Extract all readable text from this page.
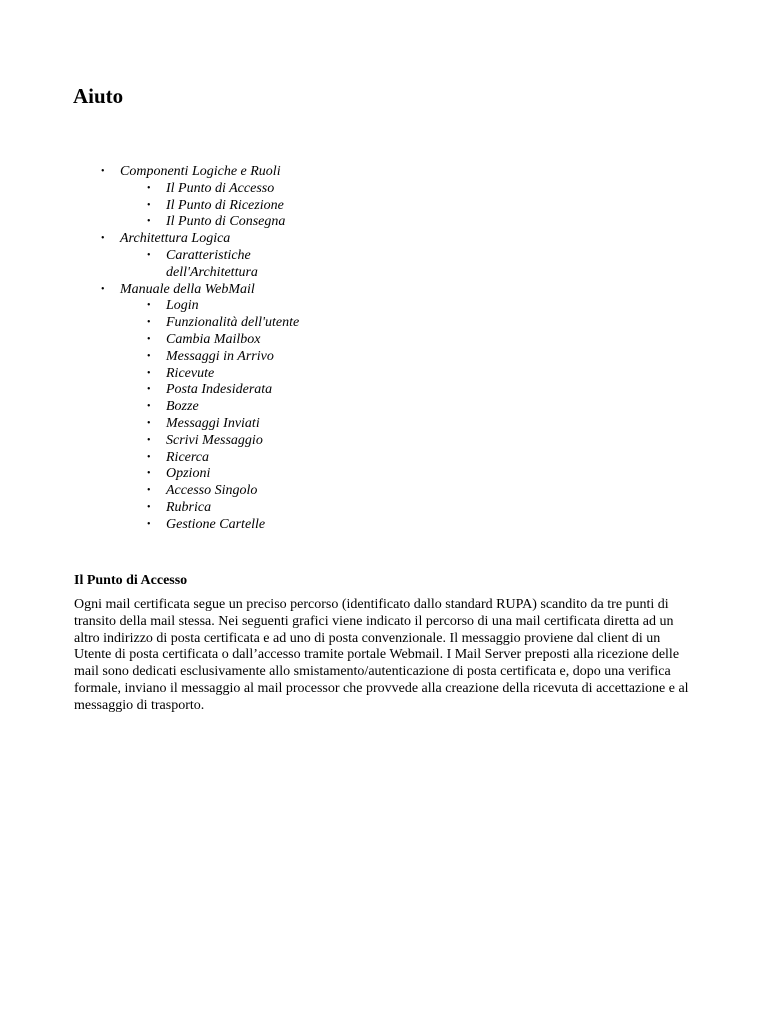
Aiuto
• Componenti Logiche e Ruoli
• Il Punto di Accesso
• Il Punto di Ricezione
• Il Punto di Consegna
• Architettura Logica
• Caratteristiche dell'Architettura
• Manuale della WebMail
• Login
• Funzionalità dell'utente
• Cambia Mailbox
• Messaggi in Arrivo
• Ricevute
• Posta Indesiderata
• Bozze
• Messaggi Inviati
• Scrivi Messaggio
• Ricerca
• Opzioni
• Accesso Singolo
• Rubrica
• Gestione Cartelle
Il Punto di Accesso

Ogni mail certificata segue un preciso percorso (identificato dallo standard RUPA) scandito da tre punti di transito della mail stessa. Nei seguenti grafici viene indicato il percorso di una mail certificata diretta ad un altro indirizzo di posta certificata e ad uno di posta convenzionale. Il messaggio proviene dal client di un Utente di posta certificata o dall’accesso tramite portale Webmail. I Mail Server preposti alla ricezione delle mail sono dedicati esclusivamente allo smistamento/autenticazione di posta certificata e, dopo una verifica formale, inviano il messaggio al mail processor che provvede alla creazione della ricevuta di accettazione e al messaggio di trasporto.
